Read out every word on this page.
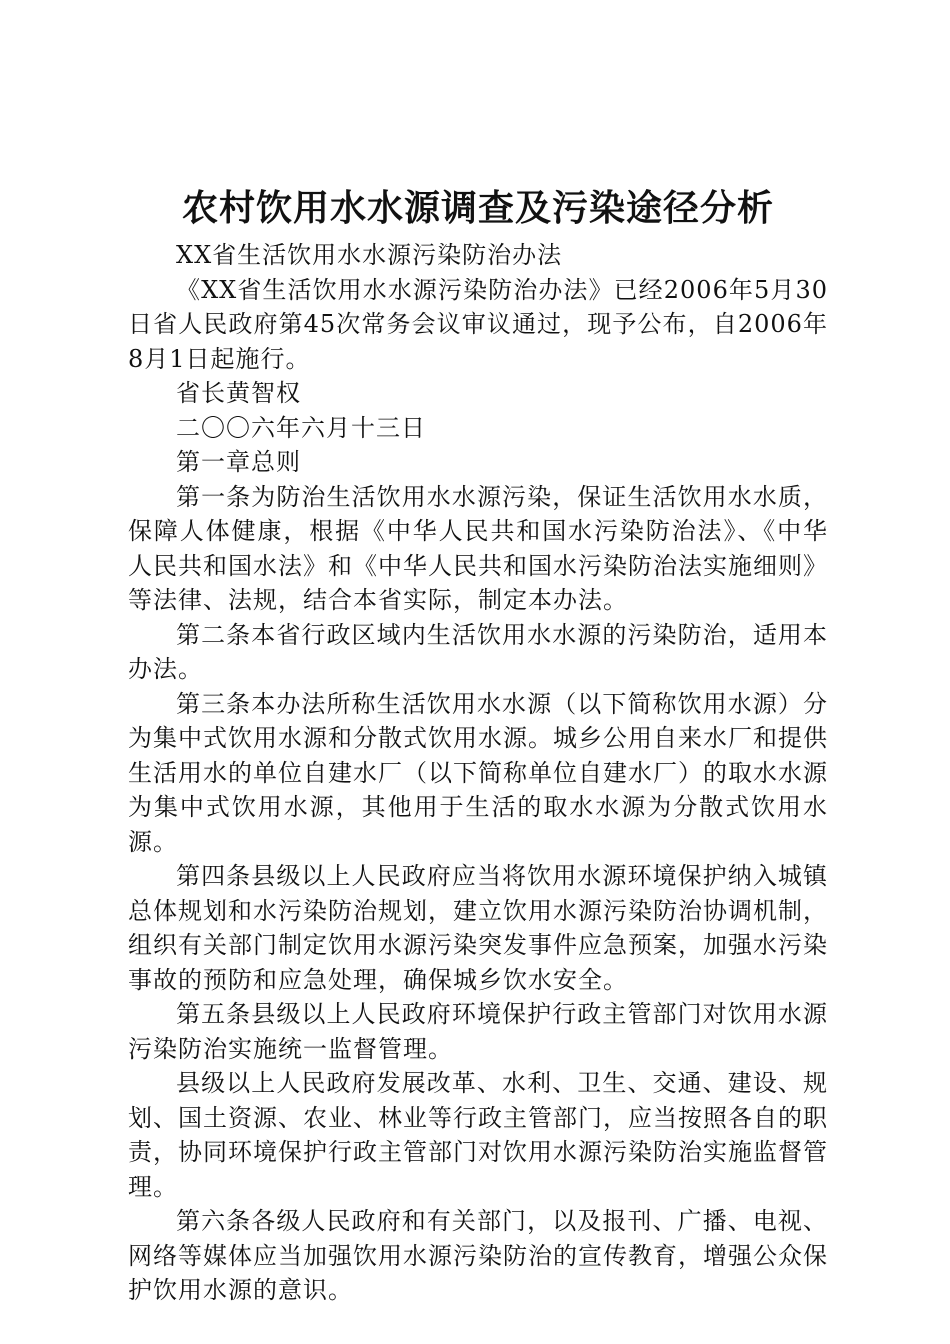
农村饮用水水源调查及污染途径分析

XX省生活饮用水水源污染防治办法

《XX省生活饮用水水源污染防治办法》已经2006年5月30日省人民政府第45次常务会议审议通过，现予公布，自2006年8月1日起施行。

省长黄智权

二〇〇六年六月十三日

第一章总则

第一条为防治生活饮用水水源污染，保证生活饮用水水质，保障人体健康，根据《中华人民共和国水污染防治法》、《中华人民共和国水法》和《中华人民共和国水污染防治法实施细则》等法律、法规，结合本省实际，制定本办法。

第二条本省行政区域内生活饮用水水源的污染防治，适用本办法。

第三条本办法所称生活饮用水水源（以下简称饮用水源）分为集中式饮用水源和分散式饮用水源。城乡公用自来水厂和提供生活用水的单位自建水厂（以下简称单位自建水厂）的取水水源为集中式饮用水源，其他用于生活的取水水源为分散式饮用水源。

第四条县级以上人民政府应当将饮用水源环境保护纳入城镇总体规划和水污染防治规划，建立饮用水源污染防治协调机制，组织有关部门制定饮用水源污染突发事件应急预案，加强水污染事故的预防和应急处理，确保城乡饮水安全。

第五条县级以上人民政府环境保护行政主管部门对饮用水源污染防治实施统一监督管理。

县级以上人民政府发展改革、水利、卫生、交通、建设、规划、国土资源、农业、林业等行政主管部门，应当按照各自的职责，协同环境保护行政主管部门对饮用水源污染防治实施监督管理。

第六条各级人民政府和有关部门，以及报刊、广播、电视、网络等媒体应当加强饮用水源污染防治的宣传教育，增强公众保护饮用水源的意识。
